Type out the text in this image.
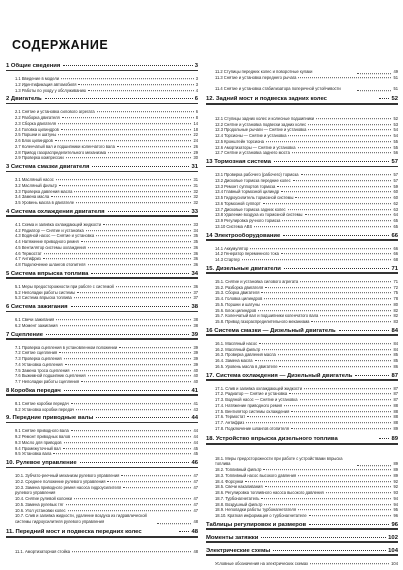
СОДЕРЖАНИЕ
1 Общие сведения	3
1.1 Введение в модели	3
1.2 Идентификация автомобиля	3
1.3 Работы по уходу у обслуживанию	4
2 Двигатель	6
2.1 Снятие и установка силового агрегата	6
2.2 Разборка двигателя	8
2.3 Сборка двигателя	14
2.4 Головка цилиндров	18
2.5 Поршни и шатуны	22
2.6 Блок цилиндров	24
2.7 Коленчатый вал и подшипники коленчатого вала	26
2.8 Привод газораспределительного механизма	29
2.9 Проверка компрессии	30
3 Система смазки двигателя	31
3.1 Масляный насос	31
3.2 Масляный фильтр	31
3.3 Проверка давления масла	32
3.4 Замена масла	32
3.5 Уровень масла в двигателе	32
4 Система охлаждения двигателя	33
4.1 Схема и заливка охлаждающей жидкости	33
4.2 Радиатор — Снятие и установка	34
4.3 Водяной насос — Снятие и установка	35
4.4 Натяжение приводного ремня	35
4.5 Вентилятор системы охлаждения	36
4.6 Термостат	36
4.7 Антифриз	36
4.8 Подключение шлангов отопителя	36
5 Система впрыска топлива	34
5.1 Меры предосторожности при работе с системой	36
5.2 Неполадки работы системы	37
5.3 Система впрыска топлива	37
6 Система зажигания	38
6.1 Свечи зажигания	38
6.2 Момент зажигания	38
7 Сцепление	39
7.1 Проверка сцепления в установленном положении	39
7.2 Снятие сцепления	39
7.3 Проверка сцепления	39
7.4 Установка сцепления	39
7.5 Замена троса сцепления	40
7.6 Выжимной подшипник сцепления	40
7.7 Неполадки работы сцепления	40
8 Коробка передач	41
8.1 Снятие коробки передач	41
8.2 Установка коробки передач	43
9. Передние приводные валы	44
9.1 Снятие приводного вала	44
9.2 Ремонт приводных валов	44
9.3 Масло для приводов	44
9.4 Промежуточный вал	45
9.5 Установка вала	45
10. Рулевое управление	46
10.1. Зубчато-реечный механизм рулевого управления	47
10.2. Среднее положение рулевого управления	47
10.3. Замена приводного ремня насоса гидроусилителя	47
рулевого управления
10.4. Снятие рулевой колонки	47
10.5. Замена рулевых тяг	47
10.6. Угол установки колес	47
10.7. Слив и заливка жидкости, удаление воздуха из гидравлической системы гидроусилителя рулевого управления	48
11. Передний мост и подвеска передних колес	48
11.1. Амортизаторная стойка	48
11.2 Ступицы передних колес и поворотные кулаки	49
11.3 Снятие и установка переднего рычага	51
11.4 Снятие и установка стабилизатора поперечной устойчивости	51
12. Задний мост и подвеска задних колес	52
12.1 Ступицы задних колес и колесные подшипники	52
12.2 Снятие и установка подвески задних колес	53
12.3 Продольные рычаги — Снятие и установка	54
12.4 Торсионы — Снятие и установка	54
12.5 Кронштейн торсиона	55
12.6 Амортизаторы — Снятие и установка	55
12.7 Снятие и установка заднего моста	56
13 Тормозная система	57
13.1 Проверка рабочего (рабочего) тормоза	57
13.2 Дисковые тормоза передние колес	57
13.3 Ремонт суппортов тормоза	59
13.4 Главный тормозной цилиндр	60
13.5 Гидроусилитель тормозной системы	60
13.6 Тормозной суппорт	62
13.7 Дисковые тормоза задних колес	63
13.8 Удаление воздуха из тормозной системы	64
13.9 Регулировка ручного тормоза	65
13.10 Система ABS	65
14 Электрооборудование	66
14.1 Аккумулятор	66
14.2 Генератор переменного тока	66
14.3 Стартер	68
15. Дизельные двигатели	71
15.1. Снятие и установка силового агрегата	71
15.2. Разборка двигателя	72
15.3. Сборка двигателя	75
15.4. Головка цилиндров	78
15.5. Поршни и шатуны	80
15.6. Блок цилиндров	82
15.7. Коленчатый вал и подшипники коленчатого вала	82
15.8. Привод газораспределительного механизма	83
16 Система смазки — Дизельный двигатель	84
16.1. Масляный насос	84
16.2. Масляный фильтр	84
16.3. Проверка давления масла	85
16.4. Замена масла	85
16.5. Уровень масла в двигателе	86
17. Система охлаждения — Дизельный двигатель	87
17.1. Слив и заливка охлаждающей жидкости	87
17.2. Радиатор — Снятие и установка	87
17.3. Водяной насос — Снятие и установка	87
17.4. Натяжение приводного ремня	88
17.5. Вентилятор системы охлаждения	88
17.6. Термостат	88
17.7. Антифриз	88
17.8. Подключение шлангов отопителя	89
18. Устройство впрыска дизельного топлива	89
18.1. Меры предосторожности при работе с устройствами впрыска топлива	89
18.2. Топливный фильтр	89
18.3. Топливный насос высокого давления	89
18.4. Форсунки	92
18.5. Свечи накаливания	92
18.6. Регулировка топливного насоса высокого давления	93
18.7. Турбонагнетатель	94
18.8. Воздушный фильтр	94
18.9. Неполадки работы турбонагнетателя	95
18.10. Краткая информация о турбонагнетателе	96
Таблицы регулировок и размеров	96
Моменты затяжки	102
Электрические схемы	104
Условные обозначения на электрических схемах	104
